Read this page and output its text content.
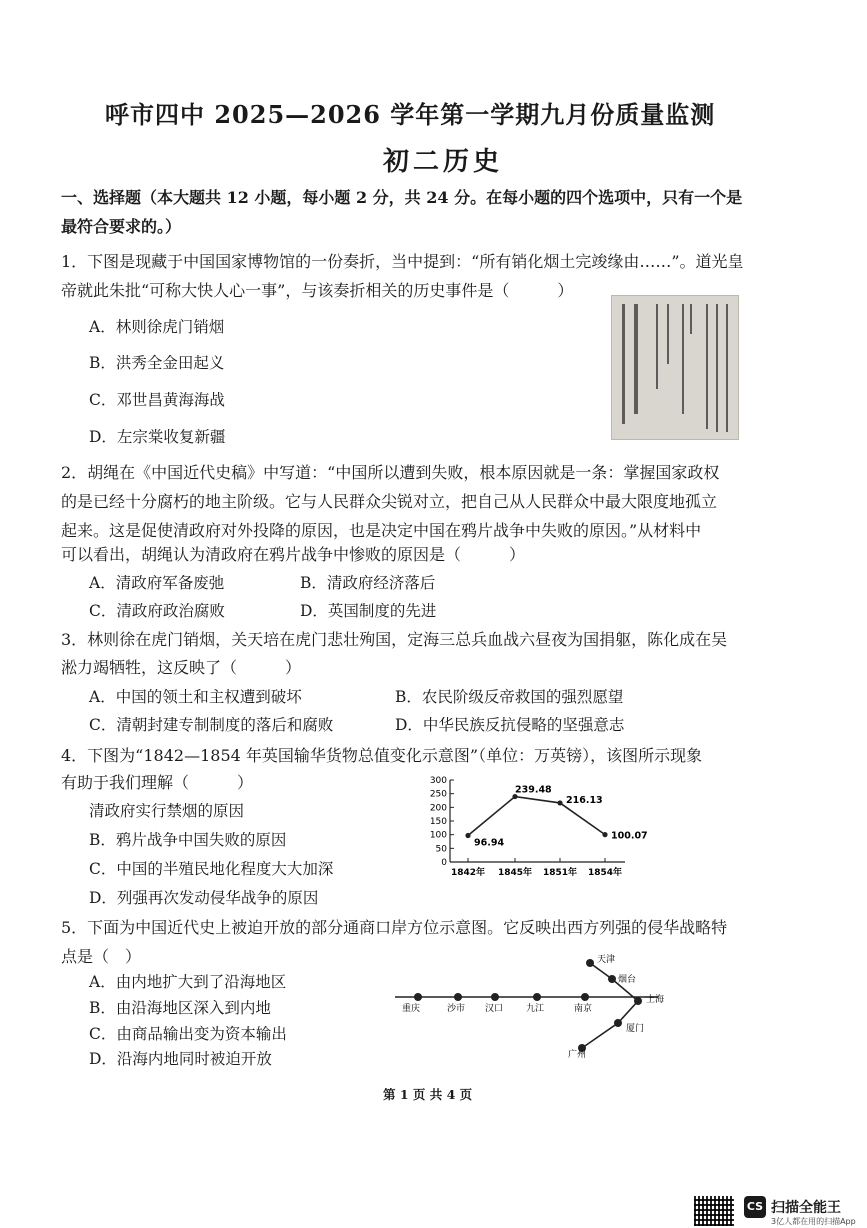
呼市四中 2025—2026 学年第一学期九月份质量监测
初二历史
一、选择题（本大题共 12 小题，每小题 2 分，共 24 分。在每小题的四个选项中，只有一个是
最符合要求的。）
1．下图是现藏于中国国家博物馆的一份奏折，当中提到：“所有销化烟土完竣缘由……”。道光皇
帝就此朱批“可称大快人心一事”，与该奏折相关的历史事件是（　　　）
A．林则徐虎门销烟
B．洪秀全金田起义
C．邓世昌黄海海战
D．左宗棠收复新疆
2．胡绳在《中国近代史稿》中写道：“中国所以遭到失败，根本原因就是一条：掌握国家政权
的是已经十分腐朽的地主阶级。它与人民群众尖锐对立，把自己从人民群众中最大限度地孤立
起来。这是促使清政府对外投降的原因，也是决定中国在鸦片战争中失败的原因。”从材料中
可以看出，胡绳认为清政府在鸦片战争中惨败的原因是（　　　）
A．清政府军备废弛	B．清政府经济落后
C．清政府政治腐败	D．英国制度的先进
3．林则徐在虎门销烟，关天培在虎门悲壮殉国，定海三总兵血战六昼夜为国捐躯，陈化成在吴
淞力竭牺牲，这反映了（　　　）
A．中国的领土和主权遭到破坏	B．农民阶级反帝救国的强烈愿望
C．清朝封建专制制度的落后和腐败	D．中华民族反抗侵略的坚强意志
4．下图为“1842—1854 年英国输华货物总值变化示意图”（单位：万英镑），该图所示现象
有助于我们理解（　　　）
清政府实行禁烟的原因
B．鸦片战争中国失败的原因
C．中国的半殖民地化程度大大加深
D．列强再次发动侵华战争的原因
0
50
100
150
200
250
300
1842年 1845年 1851年 1854年
96.94
239.48
216.13
100.07
5．下面为中国近代史上被迫开放的部分通商口岸方位示意图。它反映出西方列强的侵华战略特
点是（　）
A．由内地扩大到了沿海地区
B．由沿海地区深入到内地
C．由商品输出变为资本输出
D．沿海内地同时被迫开放
重庆	沙市 汉口	九江	南京
天津
烟台
上海
厦门
广州
第 1 页 共 4 页
CS 扫描全能王
3亿人都在用的扫描App
